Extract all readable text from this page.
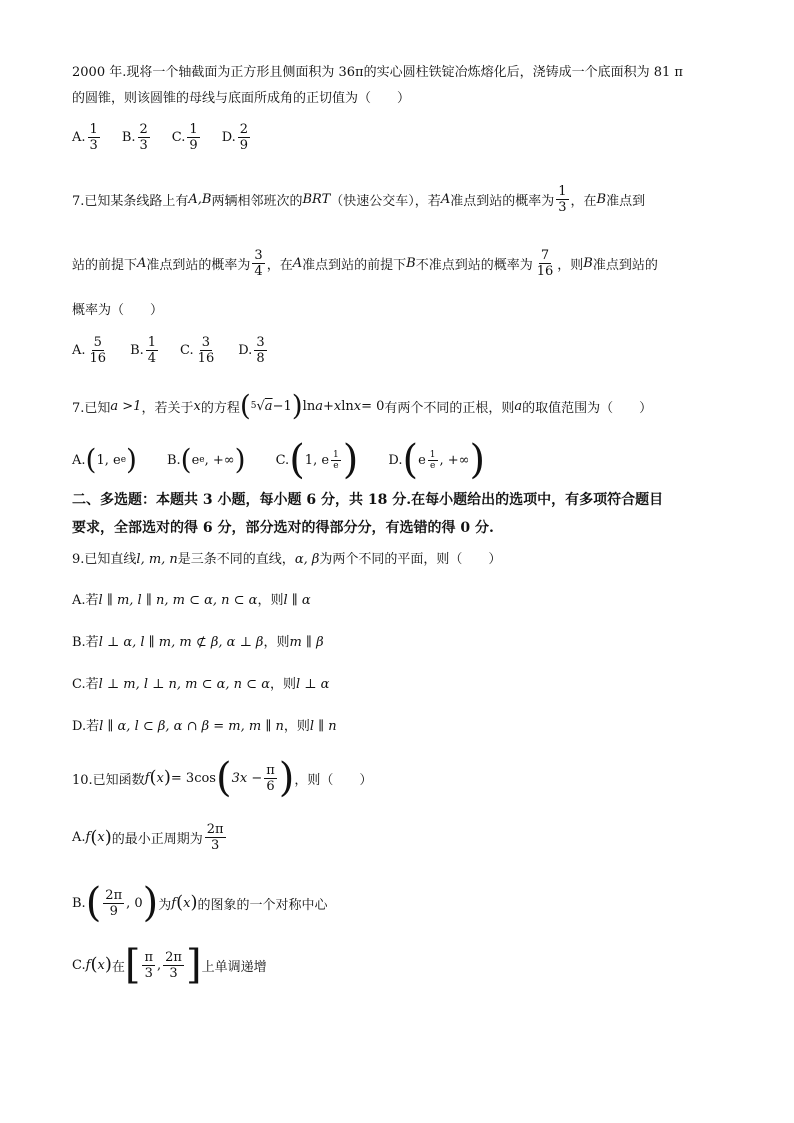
2000 年.现将一个轴截面为正方形且侧面积为 36π的实心圆柱铁锭冶炼熔化后，浇铸成一个底面积为 81 π
的圆锥，则该圆锥的母线与底面所成角的正切值为（　　）
A. $\frac{1}{3} B$. $\frac{2}{3} C$. $\frac{1}{9} D$. $\frac{2}{9}$
7.已知某条线路上有 A,B 两辆相邻班次的 BRT （快速公交车），若 A 准点到站的概率为 $\frac{1}{3}$ ，在 B 准点到
站的前提下 A 准点到站的概率为 $\frac{3}{4}$ ，在 A 准点到站的前提下 B 不准点到站的概率为 $\frac{7}{16}$ ，则 B 准点到站的
概率为（　　）
A. $\frac{5}{16} B$. $\frac{1}{4} C$. $\frac{3}{16} D$. $\frac{3}{8}$
7.已知 a >1 ，若关于 x 的方程 ( 5 √ a −1 ) ln a + x ln x = 0 有两个不同的正根，则 a 的取值范围为（　　）
A. ( 1, e e ) B. ( e e , +∞ ) C. ( 1, e $\frac{1}{e}$ ) D. ( e $\frac{1}{e}$ , +∞ )
二、多选题：本题共 3 小题，每小题 6 分，共 18 分.在每小题给出的选项中，有多项符合题目
要求，全部选对的得 6 分，部分选对的得部分分，有选错的得 0 分.
9.已知直线l, m, n是三条不同的直线，α, β为两个不同的平面，则（　　）
A.若l ∥ m, l ∥ n, m ⊂ α, n ⊂ α，则l ∥ α
B.若l ⊥ α, l ∥ m, m ⊄ β, α ⊥ β，则m ∥ β
C.若l ⊥ m, l ⊥ n, m ⊂ α, n ⊂ α，则l ⊥ α
D.若l ∥ α, l ⊂ β, α ∩ β = m, m ∥ n，则l ∥ n
10.已知函数 f ( x ) = 3cos ( $3x - \frac{\pi}{6}$ ) ，则（　　）
A. f ( x ) 的最小正周期为 $\frac{2\pi}{3}$
B. ( $\frac{2\pi}{9}$ , 0 ) 为 f ( x ) 的图象的一个对称中心
C. f ( x ) 在 [ $\frac{\pi}{3}$ , $\frac{2\pi}{3}$ ] 上单调递增
